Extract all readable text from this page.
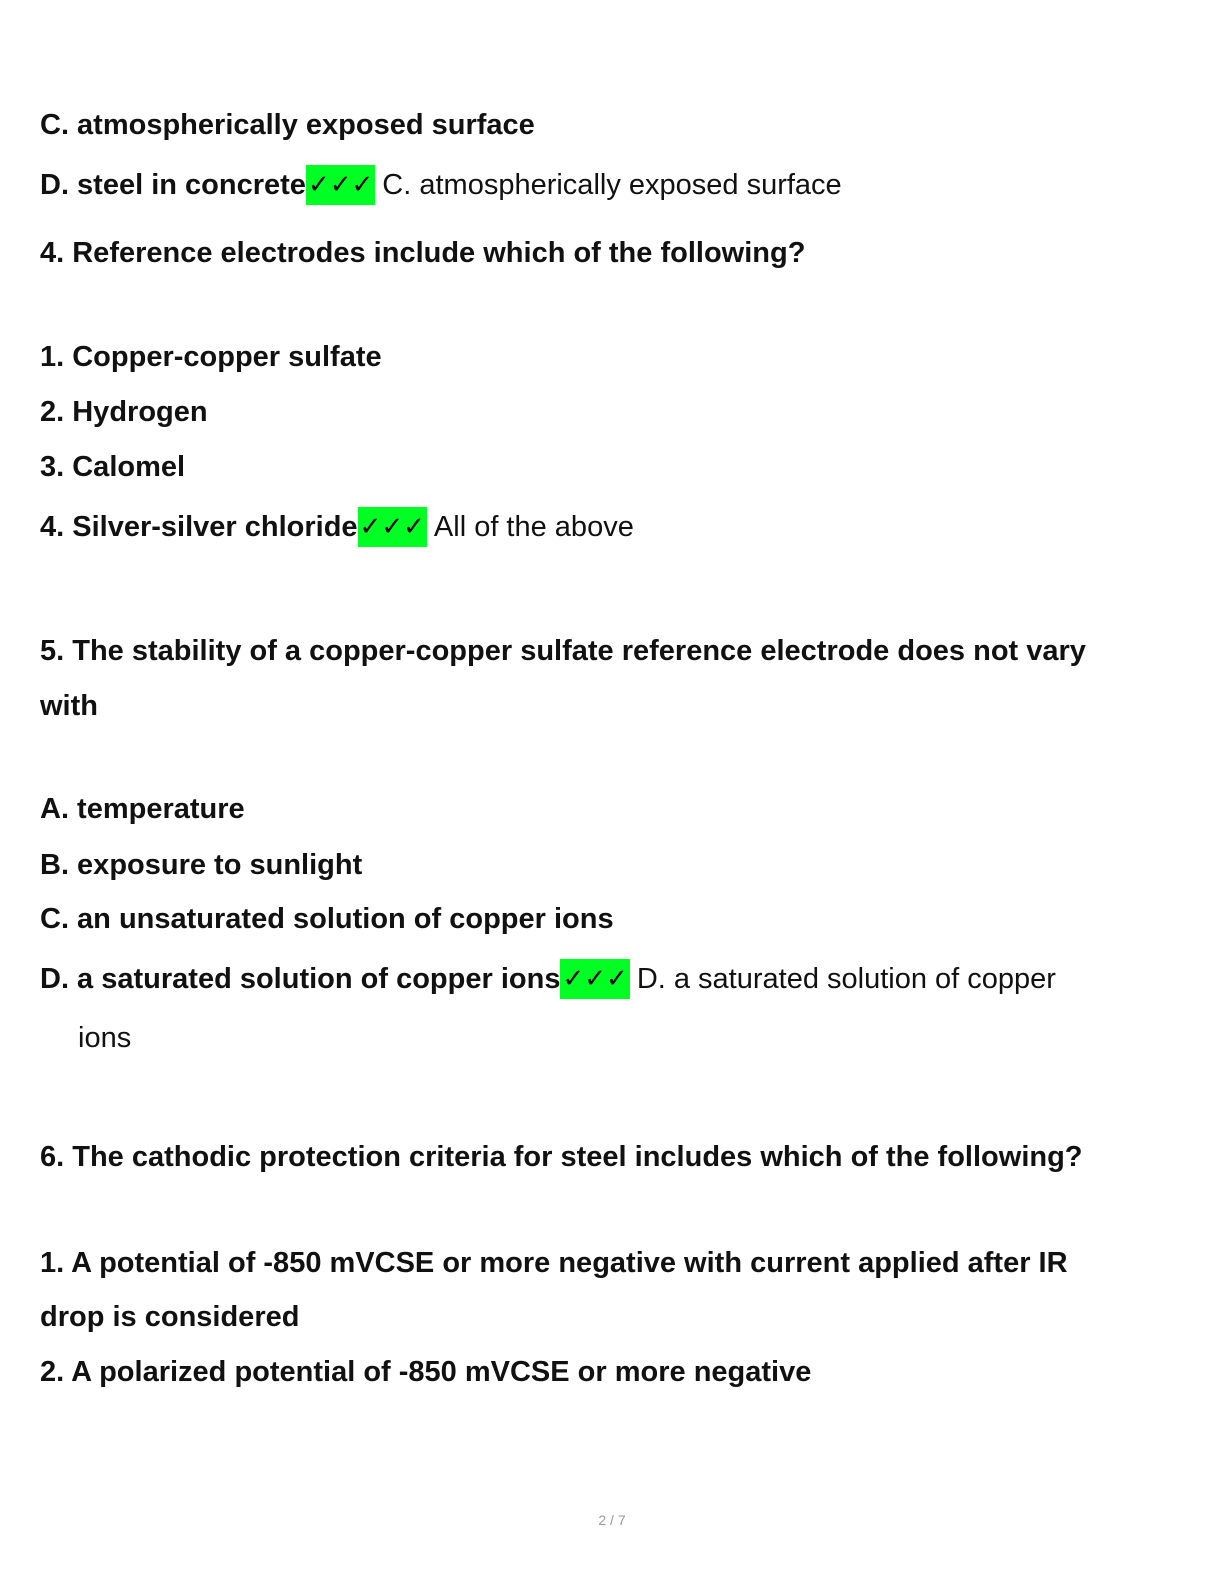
C. atmospherically exposed surface
D. steel in concrete✓✓✓ C. atmospherically exposed surface
4. Reference electrodes include which of the following?
1. Copper-copper sulfate
2. Hydrogen
3. Calomel
4. Silver-silver chloride✓✓✓ All of the above
5. The stability of a copper-copper sulfate reference electrode does not vary
with
A. temperature
B. exposure to sunlight
C. an unsaturated solution of copper ions
D. a saturated solution of copper ions✓✓✓ D. a saturated solution of copper
ions
6. The cathodic protection criteria for steel includes which of the following?
1. A potential of -850 mVCSE or more negative with current applied after IR
drop is considered
2. A polarized potential of -850 mVCSE or more negative
2 / 7
